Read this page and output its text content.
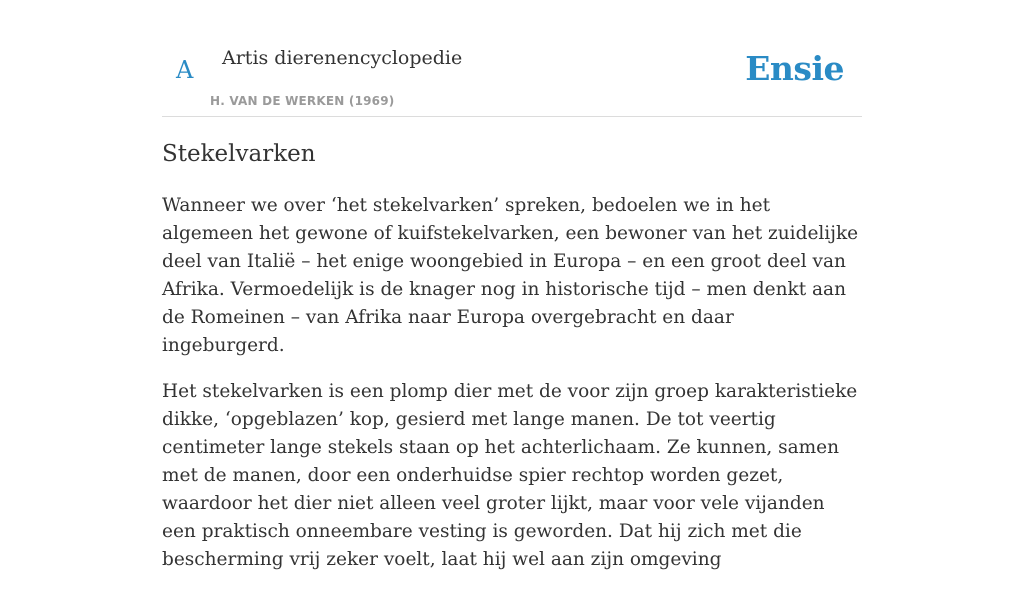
A Artis dierenencyclopedie
H. VAN DE WERKEN (1969)
Ensie
Stekelvarken

Wanneer we over ‘het stekelvarken’ spreken, bedoelen we in het algemeen het gewone of kuifstekelvarken, een bewoner van het zuidelijke deel van Italië – het enige woongebied in Europa – en een groot deel van Afrika. Vermoedelijk is de knager nog in historische tijd – men denkt aan de Romeinen – van Afrika naar Europa overgebracht en daar ingeburgerd.

Het stekelvarken is een plomp dier met de voor zijn groep karakteristieke dikke, ‘opgeblazen’ kop, gesierd met lange manen. De tot veertig centimeter lange stekels staan op het achterlichaam. Ze kunnen, samen met de manen, door een onderhuidse spier rechtop worden gezet, waardoor het dier niet alleen veel groter lijkt, maar voor vele vijanden een praktisch onneembare vesting is geworden. Dat hij zich met die bescherming vrij zeker voelt, laat hij wel aan zijn omgeving
